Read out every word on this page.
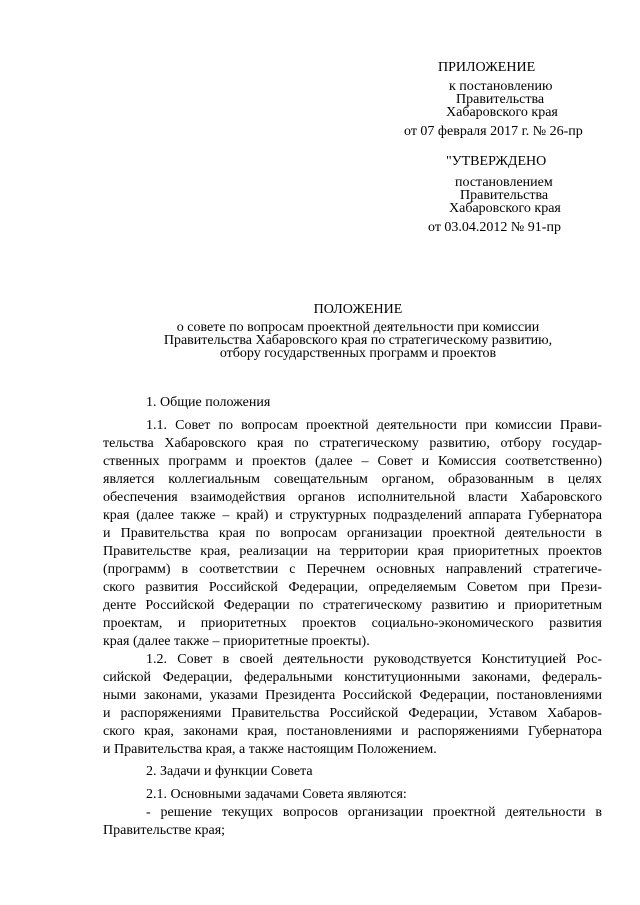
ПРИЛОЖЕНИЕ
к постановлению
Правительства
Хабаровского края
от 07 февраля 2017 г. № 26-пр
"УТВЕРЖДЕНО
постановлением
Правительства
Хабаровского края
от 03.04.2012 № 91-пр
ПОЛОЖЕНИЕ
о совете по вопросам проектной деятельности при комиссии
Правительства Хабаровского края по стратегическому развитию,
отбору государственных программ и проектов
1. Общие положения
1.1. Совет по вопросам проектной деятельности при комиссии Прави-
тельства Хабаровского края по стратегическому развитию, отбору государ-
ственных программ и проектов (далее – Совет и Комиссия соответственно)
является коллегиальным совещательным органом, образованным в целях
обеспечения взаимодействия органов исполнительной власти Хабаровского
края (далее также – край) и структурных подразделений аппарата Губернатора
и Правительства края по вопросам организации проектной деятельности в
Правительстве края, реализации на территории края приоритетных проектов
(программ) в соответствии с Перечнем основных направлений стратегиче-
ского развития Российской Федерации, определяемым Советом при Прези-
денте Российской Федерации по стратегическому развитию и приоритетным
проектам, и приоритетных проектов социально-экономического развития
края (далее также – приоритетные проекты).
1.2. Совет в своей деятельности руководствуется Конституцией Рос-
сийской Федерации, федеральными конституционными законами, федераль-
ными законами, указами Президента Российской Федерации, постановлениями
и распоряжениями Правительства Российской Федерации, Уставом Хабаров-
ского края, законами края, постановлениями и распоряжениями Губернатора
и Правительства края, а также настоящим Положением.
2. Задачи и функции Совета
2.1. Основными задачами Совета являются:
- решение текущих вопросов организации проектной деятельности в
Правительстве края;
